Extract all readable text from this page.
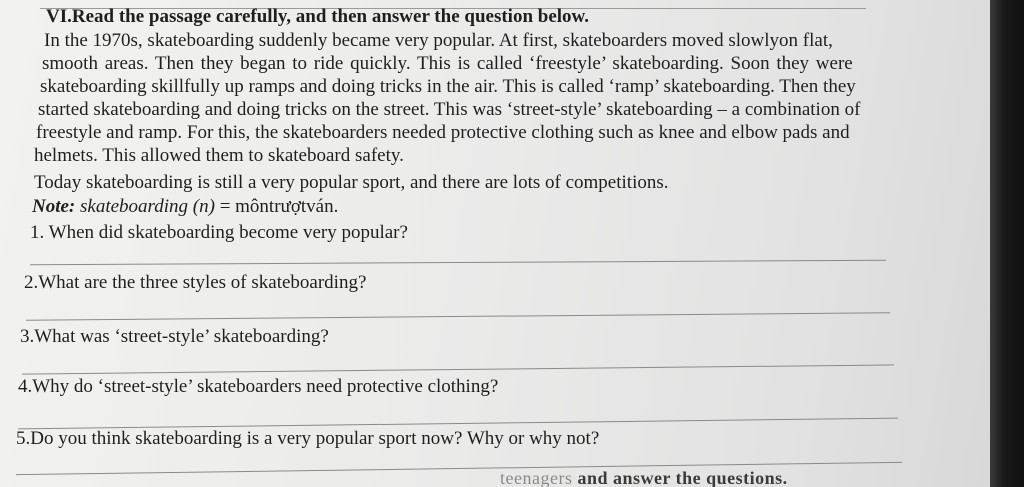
VI.Read the passage carefully, and then answer the question below.
In the 1970s, skateboarding suddenly became very popular. At first, skateboarders moved slowlyon flat,
smooth areas. Then they began to ride quickly. This is called ‘freestyle’ skateboarding. Soon they were
skateboarding skillfully up ramps and doing tricks in the air. This is called ‘ramp’ skateboarding. Then they
started skateboarding and doing tricks on the street. This was ‘street-style’ skateboarding – a combination of
freestyle and ramp. For this, the skateboarders needed protective clothing such as knee and elbow pads and
helmets. This allowed them to skateboard safety.
Today skateboarding is still a very popular sport, and there are lots of competitions.
Note: skateboarding (n) = môntrượtván.
1. When did skateboarding become very popular?
2.What are the three styles of skateboarding?
3.What was ‘street-style’ skateboarding?
4.Why do ‘street-style’ skateboarders need protective clothing?
5.Do you think skateboarding is a very popular sport now? Why or why not?
teenagers and answer the questions.
